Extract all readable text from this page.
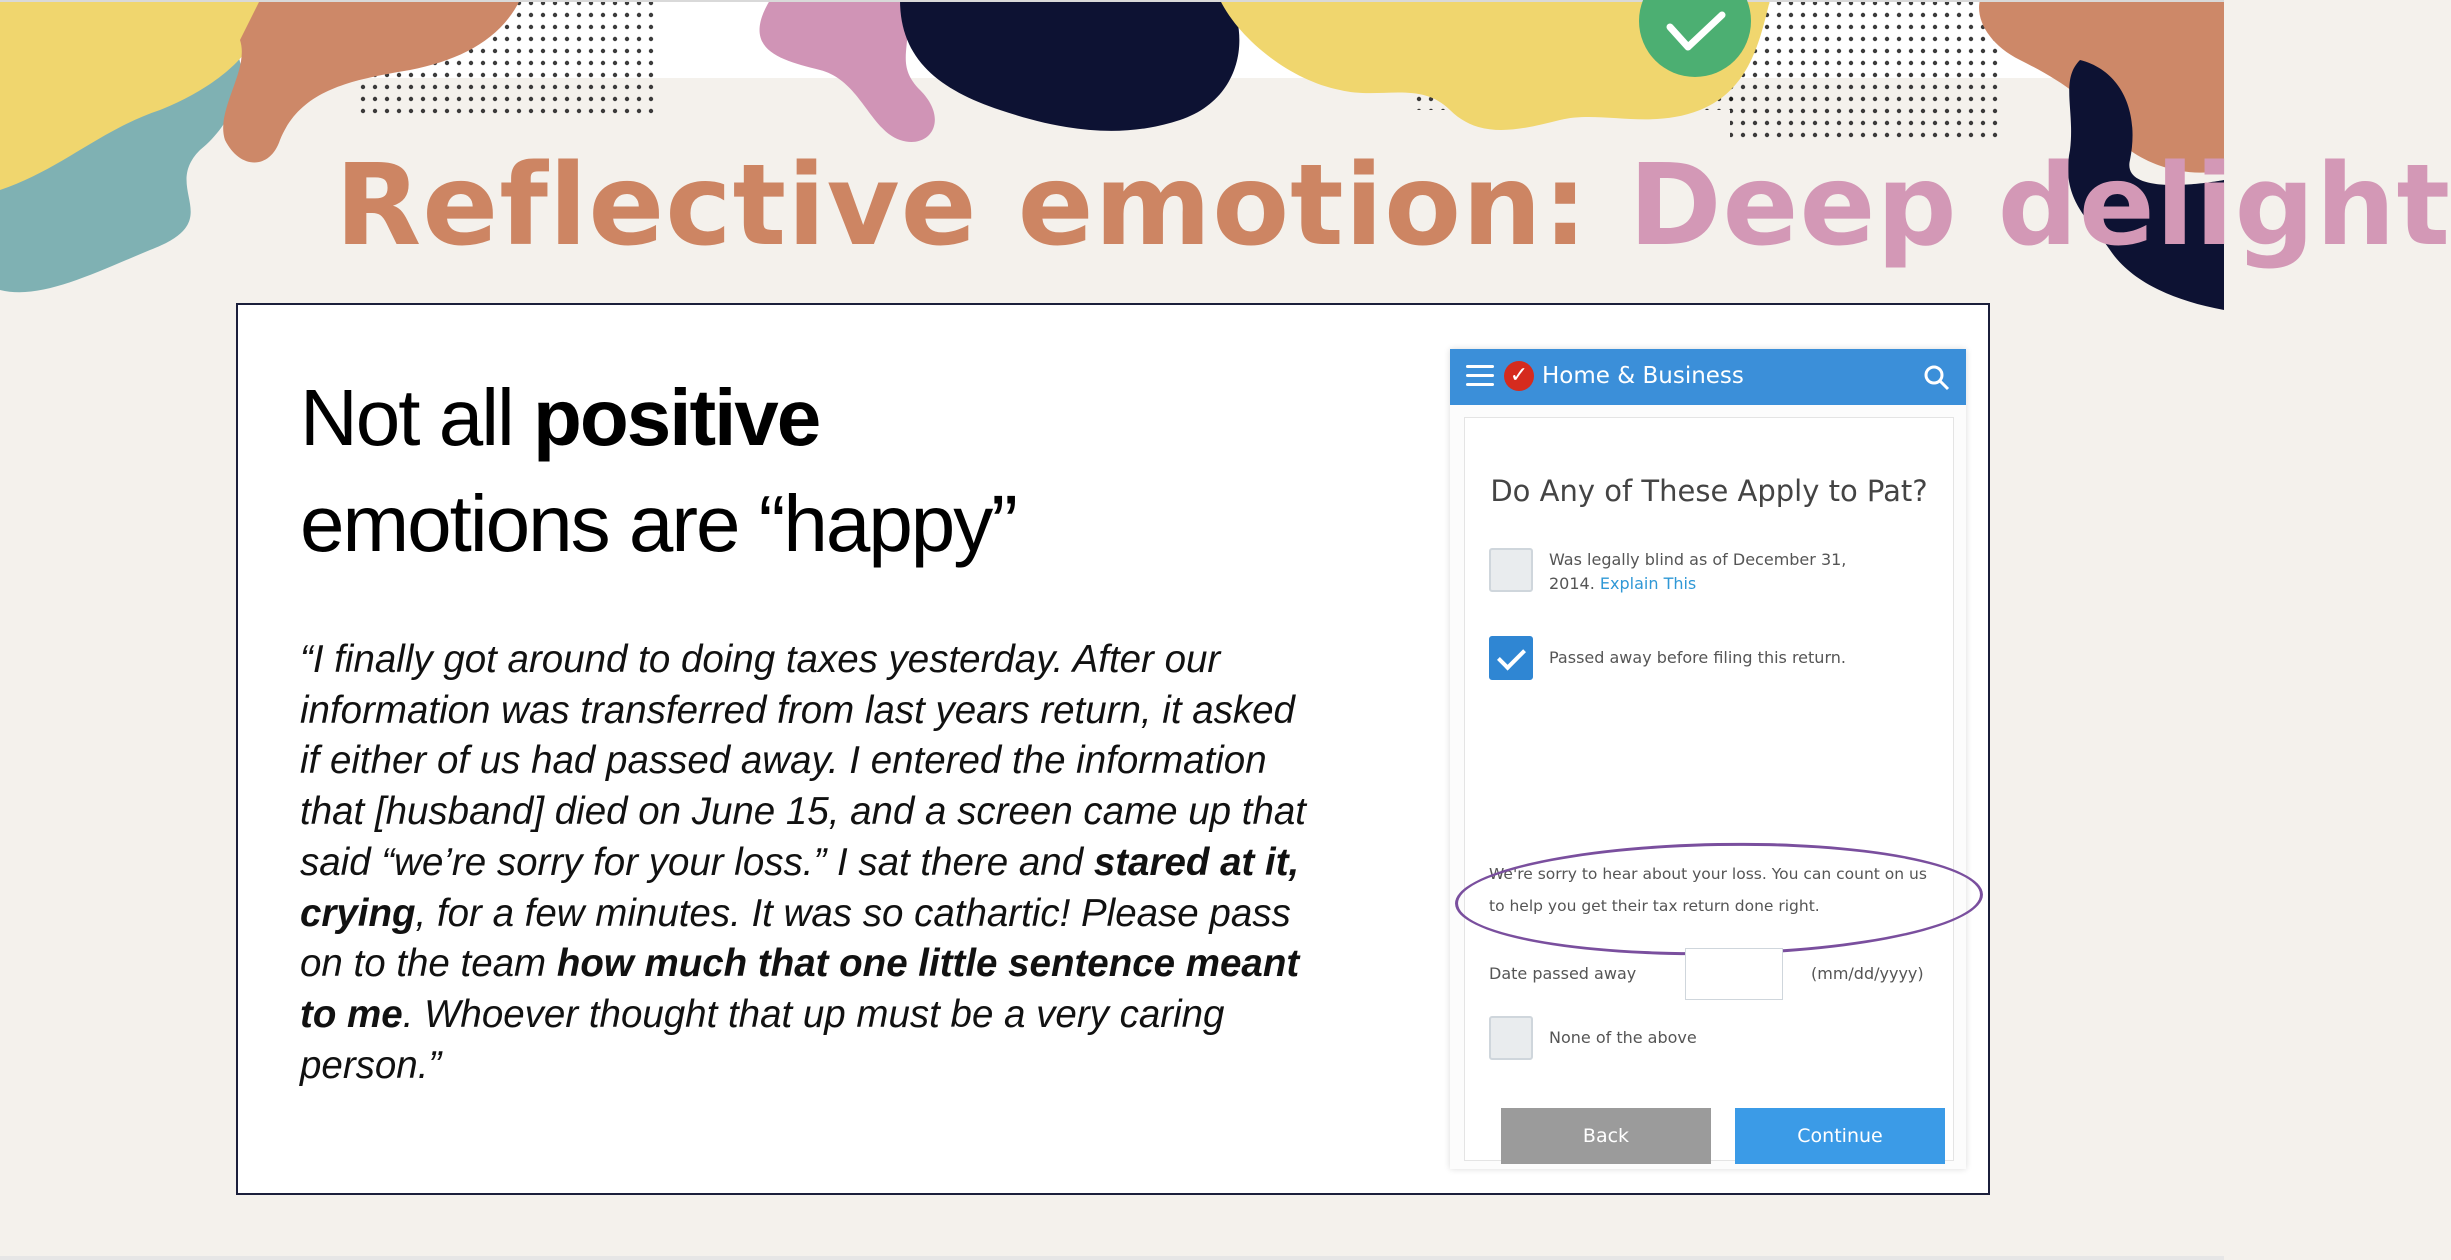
Reflective emotion: Deep delight
Not all positive
emotions are “happy”
“I finally got around to doing taxes yesterday. After our information was transferred from last years return, it asked if either of us had passed away. I entered the information that [husband] died on June 15, and a screen came up that said “we’re sorry for your loss.” I sat there and stared at it, crying, for a few minutes. It was so cathartic! Please pass on to the team how much that one little sentence meant to me. Whoever thought that up must be a very caring person.”
✓ Home & Business
Do Any of These Apply to Pat?
Was legally blind as of December 31, 2014. Explain This
Passed away before filing this return.
We're sorry to hear about your loss. You can count on us to help you get their tax return done right.
Date passed away	(mm/dd/yyyy)
None of the above
Back	Continue
